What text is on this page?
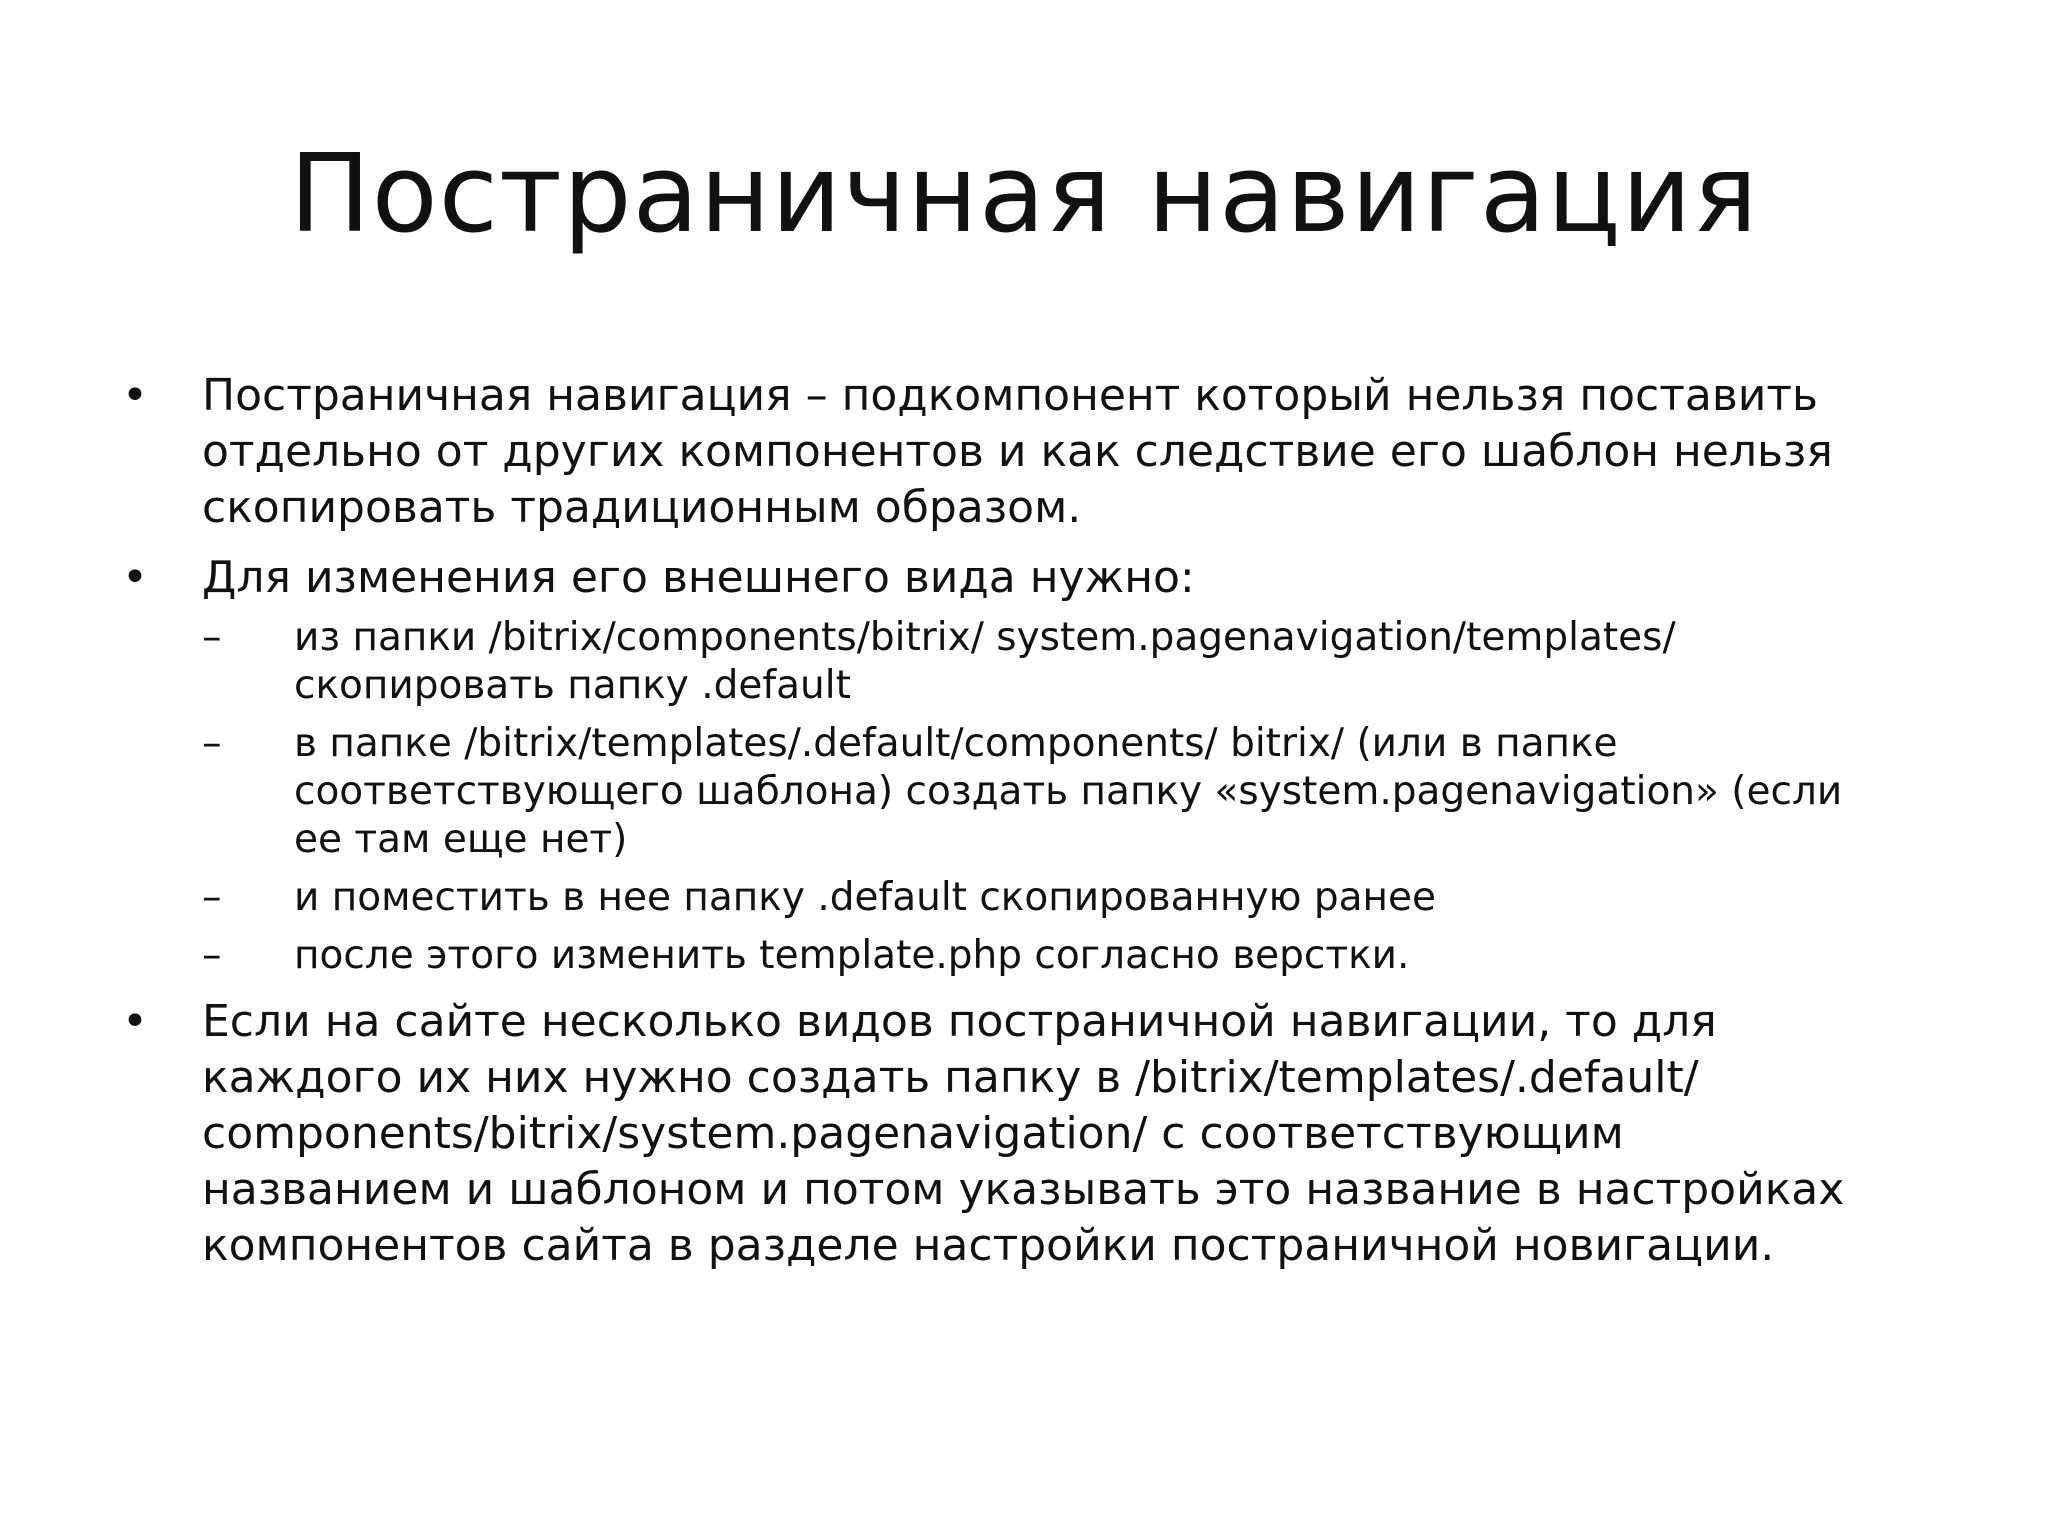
Постраничная навигация
•	Постраничная навигация – подкомпонент который нельзя поставить
отдельно от других компонентов и как следствие его шаблон нельзя
скопировать традиционным образом.
•	Для изменения его внешнего вида нужно:
–	из папки /bitrix/components/bitrix/ system.pagenavigation/templates/
скопировать папку .default
–	в папке /bitrix/templates/.default/components/ bitrix/ (или в папке
соответствующего шаблона) создать папку «system.pagenavigation» (если
ее там еще нет)
–	и поместить в нее папку .default скопированную ранее
–	после этого изменить template.php согласно верстки.
•	Если на сайте несколько видов постраничной навигации, то для
каждого их них нужно создать папку в /bitrix/templates/.default/
components/bitrix/system.pagenavigation/ с соответствующим
названием и шаблоном и потом указывать это название в настройках
компонентов сайта в разделе настройки постраничной новигации.
